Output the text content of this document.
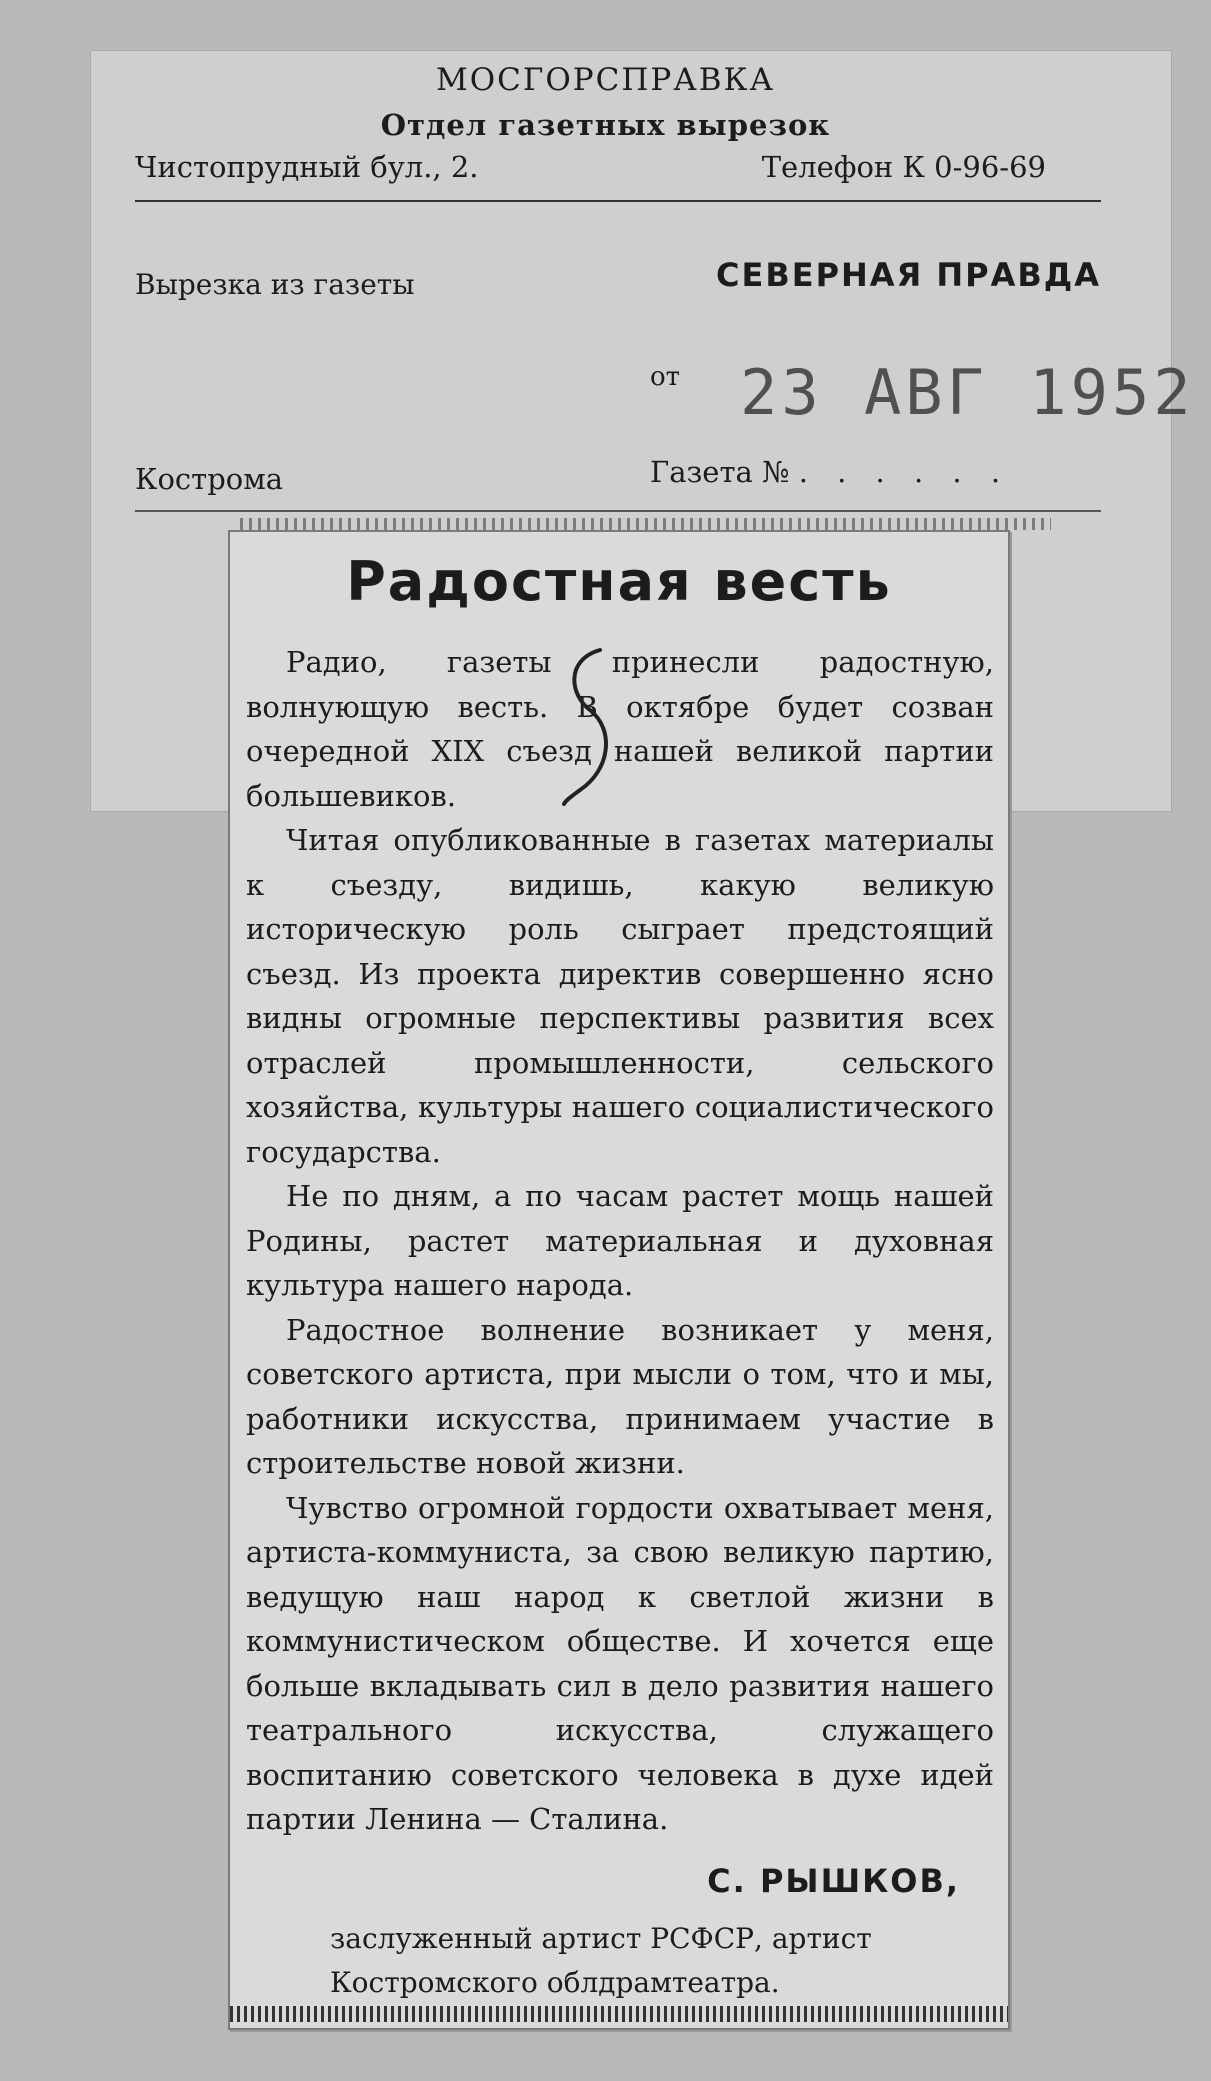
МОСГОРСПРАВКА
Отдел газетных вырезок
Чистопрудный бул., 2.	Телефон К 0-96-69
Вырезка из газеты	СЕВЕРНАЯ ПРАВДА
от 23 АВГ 1952
Кострома	Газета № . . . . . .
Радостная весть

Радио, газеты принесли радостную, волнующую весть. В октябре будет созван очередной XIX съезд нашей великой партии большевиков.

Читая опубликованные в газетах материалы к съезду, видишь, какую великую историческую роль сыграет предстоящий съезд. Из проекта директив совершенно ясно видны огромные перспективы развития всех отраслей промышленности, сельского хозяйства, культуры нашего социалистического государства.

Не по дням, а по часам растет мощь нашей Родины, растет материальная и духовная культура нашего народа.

Радостное волнение возникает у меня, советского артиста, при мысли о том, что и мы, работники искусства, принимаем участие в строительстве новой жизни.

Чувство огромной гордости охватывает меня, артиста-коммуниста, за свою великую партию, ведущую наш народ к светлой жизни в коммунистическом обществе. И хочется еще больше вкладывать сил в дело развития нашего театрального искусства, служащего воспитанию советского человека в духе идей партии Ленина — Сталина.

С. РЫШКОВ,
заслуженный артист РСФСР, артист
Костромского облдрамтеатра.
